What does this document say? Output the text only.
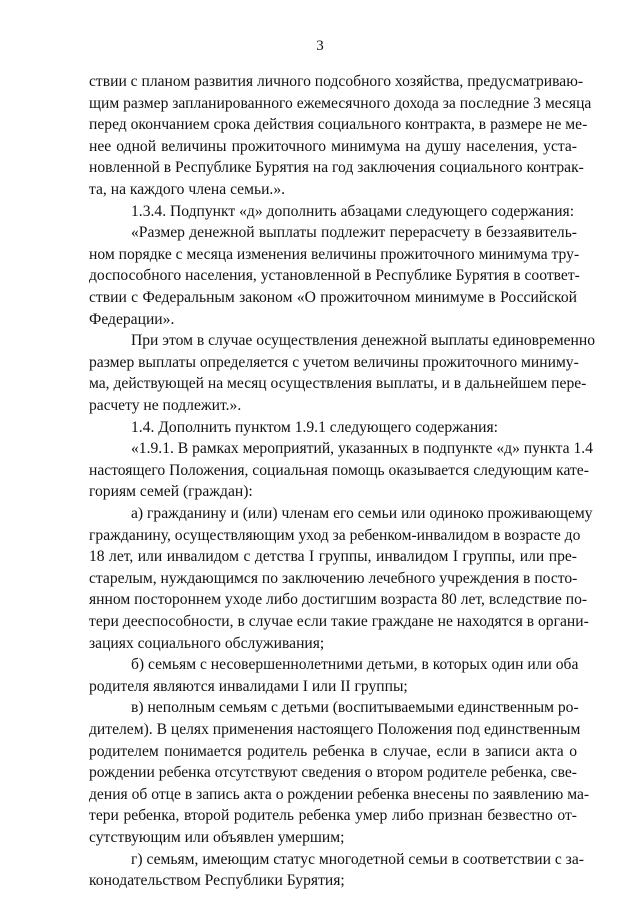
3
ствии с планом развития личного подсобного хозяйства, предусматриваю-
щим размер запланированного ежемесячного дохода за последние 3 месяца
перед окончанием срока действия социального контракта, в размере не ме-
нее одной величины прожиточного минимума на душу населения, уста-
новленной в Республике Бурятия на год заключения социального контрак-
та, на каждого члена семьи.».
1.3.4. Подпункт «д» дополнить абзацами следующего содержания:
«Размер денежной выплаты подлежит перерасчету в беззаявитель-
ном порядке с месяца изменения величины прожиточного минимума тру-
доспособного населения, установленной в Республике Бурятия в соответ-
ствии с Федеральным законом «О прожиточном минимуме в Российской
Федерации».
При этом в случае осуществления денежной выплаты единовременно
размер выплаты определяется с учетом величины прожиточного миниму-
ма, действующей на месяц осуществления выплаты, и в дальнейшем пере-
расчету не подлежит.».
1.4. Дополнить пунктом 1.9.1 следующего содержания:
«1.9.1. В рамках мероприятий, указанных в подпункте «д» пункта 1.4
настоящего Положения, социальная помощь оказывается следующим кате-
гориям семей (граждан):
а) гражданину и (или) членам его семьи или одиноко проживающему
гражданину, осуществляющим уход за ребенком-инвалидом в возрасте до
18 лет, или инвалидом с детства I группы, инвалидом I группы, или пре-
старелым, нуждающимся по заключению лечебного учреждения в посто-
янном постороннем уходе либо достигшим возраста 80 лет, вследствие по-
тери дееспособности, в случае если такие граждане не находятся в органи-
зациях социального обслуживания;
б) семьям с несовершеннолетними детьми, в которых один или оба
родителя являются инвалидами I или II группы;
в) неполным семьям с детьми (воспитываемыми единственным ро-
дителем). В целях применения настоящего Положения под единственным
родителем понимается родитель ребенка в случае, если в записи акта о
рождении ребенка отсутствуют сведения о втором родителе ребенка, све-
дения об отце в запись акта о рождении ребенка внесены по заявлению ма-
тери ребенка, второй родитель ребенка умер либо признан безвестно от-
сутствующим или объявлен умершим;
г) семьям, имеющим статус многодетной семьи в соответствии с за-
конодательством Республики Бурятия;
